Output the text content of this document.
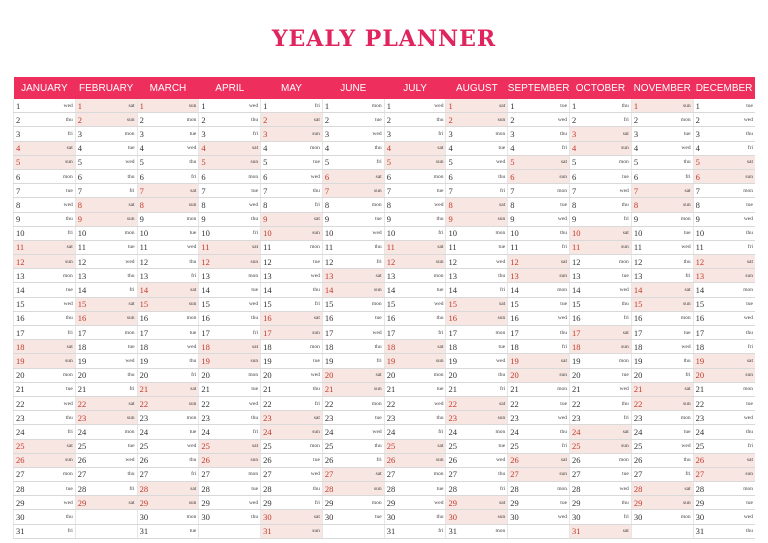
YEALY PLANNER
JANUARY	FEBRUARY	MARCH	APRIL	MAY	JUNE	JULY	AUGUST	SEPTEMBER	OCTOBER	NOVEMBER	DECEMBER

1 wed	1 sat	1 sun	1 wed	1 fri	1 mon	1 wed	1 sat	1 tue	1 thu	1 sun	1 tue

2 thu	2 sun	2 mon	2 thu	2 sat	2 tue	2 thu	2 sun	2 wed	2 fri	2 mon	2 wed

3 fri	3 mon	3 tue	3 fri	3 sun	3 wed	3 fri	3 mon	3 thu	3 sat	3 tue	3 thu

4 sat	4 tue	4 wed	4 sat	4 mon	4 thu	4 sat	4 tue	4 fri	4 sun	4 wed	4 fri

5 sun	5 wed	5 thu	5 sun	5 tue	5 fri	5 sun	5 wed	5 sat	5 mon	5 thu	5 sat

6 mon	6 thu	6 fri	6 mon	6 wed	6 sat	6 mon	6 thu	6 sun	6 tue	6 fri	6 sun

7 tue	7 fri	7 sat	7 tue	7 thu	7 sun	7 tue	7 fri	7 mon	7 wed	7 sat	7 mon

8 wed	8 sat	8 sun	8 wed	8 fri	8 mon	8 wed	8 sat	8 tue	8 thu	8 sun	8 tue

9 thu	9 sun	9 mon	9 thu	9 sat	9 tue	9 thu	9 sun	9 wed	9 fri	9 mon	9 wed

10 fri	10 mon	10 tue	10 fri	10 sun	10 wed	10 fri	10 mon	10 thu	10 sat	10 tue	10 thu

11 sat	11 tue	11 wed	11 sat	11 mon	11 thu	11 sat	11 tue	11 fri	11 sun	11 wed	11 fri

12 sun	12 wed	12 thu	12 sun	12 tue	12 fri	12 sun	12 wed	12 sat	12 mon	12 thu	12 sat

13 mon	13 thu	13 fri	13 mon	13 wed	13 sat	13 mon	13 thu	13 sun	13 tue	13 fri	13 sun

14 tue	14 fri	14 sat	14 tue	14 thu	14 sun	14 tue	14 fri	14 mon	14 wed	14 sat	14 mon

15 wed	15 sat	15 sun	15 wed	15 fri	15 mon	15 wed	15 sat	15 tue	15 thu	15 sun	15 tue

16 thu	16 sun	16 mon	16 thu	16 sat	16 tue	16 thu	16 sun	16 wed	16 fri	16 mon	16 wed

17 fri	17 mon	17 tue	17 fri	17 sun	17 wed	17 fri	17 mon	17 thu	17 sat	17 tue	17 thu

18 sat	18 tue	18 wed	18 sat	18 mon	18 thu	18 sat	18 tue	18 fri	18 sun	18 wed	18 fri

19 sun	19 wed	19 thu	19 sun	19 tue	19 fri	19 sun	19 wed	19 sat	19 mon	19 thu	19 sat

20 mon	20 thu	20 fri	20 mon	20 wed	20 sat	20 mon	20 thu	20 sun	20 tue	20 fri	20 sun

21 tue	21 fri	21 sat	21 tue	21 thu	21 sun	21 tue	21 fri	21 mon	21 wed	21 sat	21 mon

22 wed	22 sat	22 sun	22 wed	22 fri	22 mon	22 wed	22 sat	22 tue	22 thu	22 sun	22 tue

23 thu	23 sun	23 mon	23 thu	23 sat	23 tue	23 thu	23 sun	23 wed	23 fri	23 mon	23 wed

24 fri	24 mon	24 tue	24 fri	24 sun	24 wed	24 fri	24 mon	24 thu	24 sat	24 tue	24 thu

25 sat	25 tue	25 wed	25 sat	25 mon	25 thu	25 sat	25 tue	25 fri	25 sun	25 wed	25 fri

26 sun	26 wed	26 thu	26 sun	26 tue	26 fri	26 sun	26 wed	26 sat	26 mon	26 thu	26 sat

27 mon	27 thu	27 fri	27 mon	27 wed	27 sat	27 mon	27 thu	27 sun	27 tue	27 fri	27 sun

28 tue	28 fri	28 sat	28 tue	28 thu	28 sun	28 tue	28 fri	28 mon	28 wed	28 sat	28 mon

29 wed	29 sat	29 sun	29 wed	29 fri	29 mon	29 wed	29 sat	29 tue	29 thu	29 sun	29 tue

30 thu		30 mon	30 thu	30 sat	30 tue	30 thu	30 sun	30 wed	30 fri	30 mon	30 wed

31 fri		31 tue		31 sun		31 fri	31 mon		31 sat		31 thu
